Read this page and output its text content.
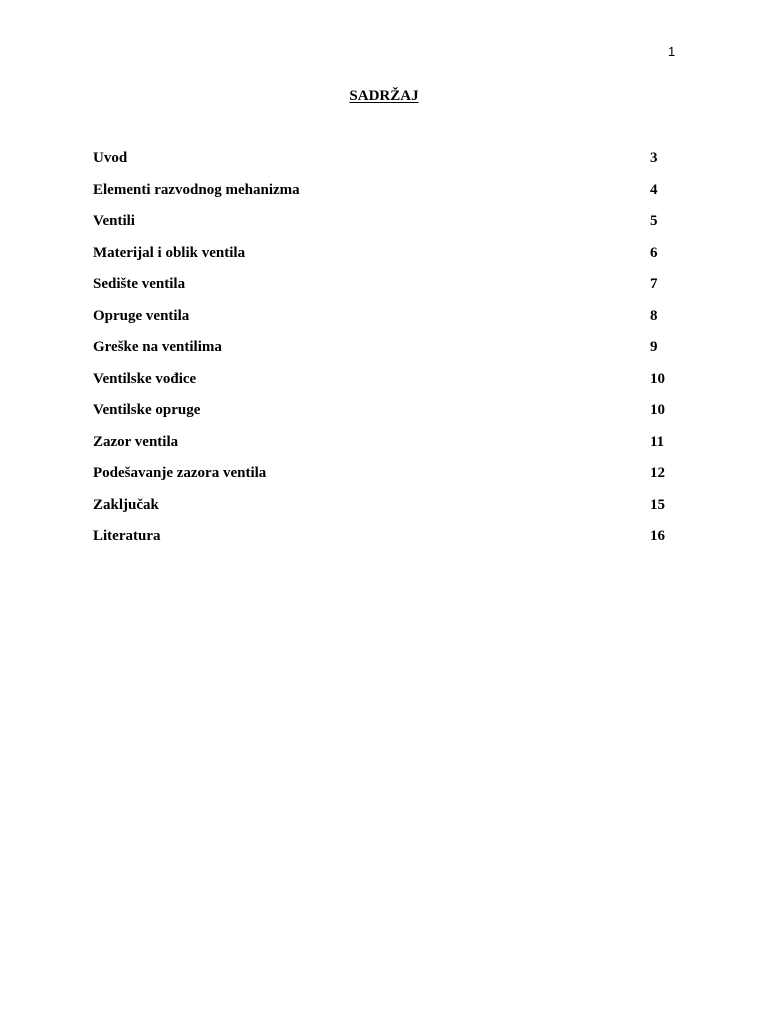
1
SADRŽAJ
Uvod	3
Elementi razvodnog mehanizma	4
Ventili	5
Materijal i oblik ventila	6
Sedište ventila	7
Opruge ventila	8
Greške na ventilima	9
Ventilske vođice	10
Ventilske opruge	10
Zazor ventila	11
Podešavanje zazora ventila	12
Zaključak	15
Literatura	16
